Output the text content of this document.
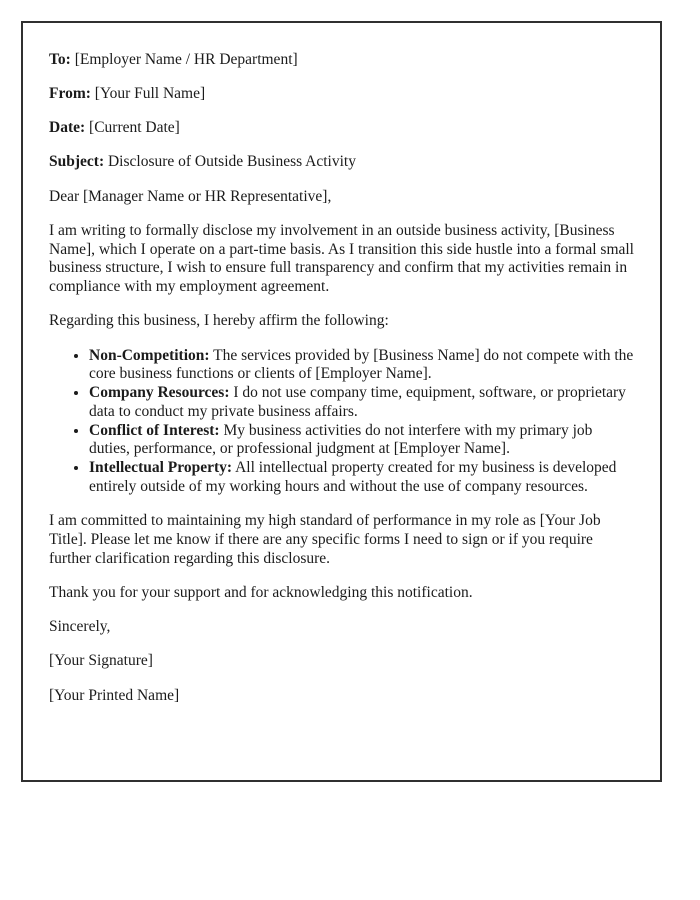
To: [Employer Name / HR Department]

From: [Your Full Name]

Date: [Current Date]

Subject: Disclosure of Outside Business Activity

Dear [Manager Name or HR Representative],

I am writing to formally disclose my involvement in an outside business activity, [Business Name], which I operate on a part-time basis. As I transition this side hustle into a formal small business structure, I wish to ensure full transparency and confirm that my activities remain in compliance with my employment agreement.

Regarding this business, I hereby affirm the following:

• Non-Competition: The services provided by [Business Name] do not compete with the core business functions or clients of [Employer Name].
• Company Resources: I do not use company time, equipment, software, or proprietary data to conduct my private business affairs.
• Conflict of Interest: My business activities do not interfere with my primary job duties, performance, or professional judgment at [Employer Name].
• Intellectual Property: All intellectual property created for my business is developed entirely outside of my working hours and without the use of company resources.

I am committed to maintaining my high standard of performance in my role as [Your Job Title]. Please let me know if there are any specific forms I need to sign or if you require further clarification regarding this disclosure.

Thank you for your support and for acknowledging this notification.

Sincerely,

[Your Signature]

[Your Printed Name]
